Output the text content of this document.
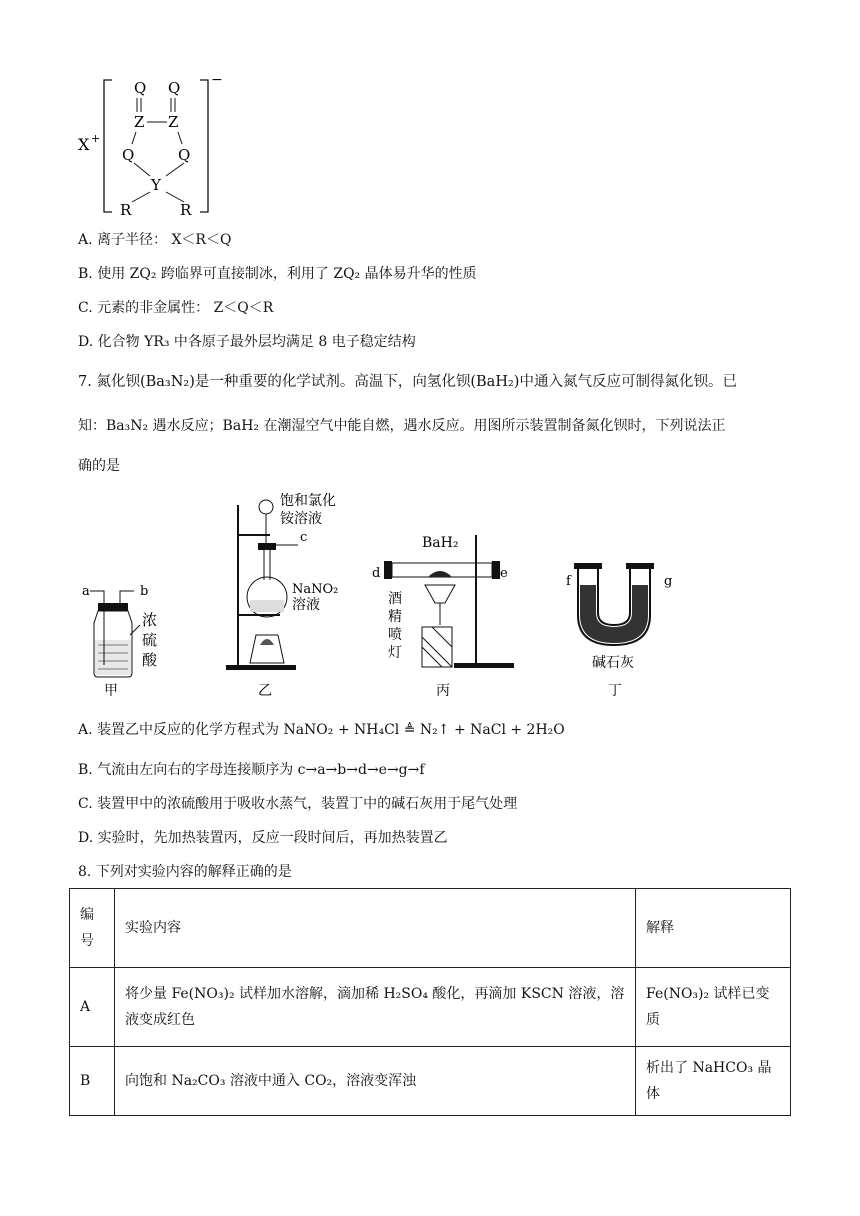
X +
−
Q Q
Z Z
Q	Q
Y
R	R
A. 离子半径： X＜R＜Q
B. 使用 ZQ₂ 跨临界可直接制冰，利用了 ZQ₂ 晶体易升华的性质
C. 元素的非金属性： Z＜Q＜R
D. 化合物 YR₃ 中各原子最外层均满足 8 电子稳定结构
7. 氮化钡(Ba₃N₂)是一种重要的化学试剂。高温下，向氢化钡(BaH₂)中通入氮气反应可制得氮化钡。已
知：Ba₃N₂ 遇水反应；BaH₂ 在潮湿空气中能自燃，遇水反应。用图所示装置制备氮化钡时，下列说法正
确的是
a	b
浓
硫
酸
甲
饱和氯化
铵溶液
c
NaNO₂
溶液
乙
BaH₂
d	e
酒
精
喷
灯
丙
f	g
碱石灰
丁
A. 装置乙中反应的化学方程式为 NaNO₂ + NH₄Cl ≜ N₂↑ + NaCl + 2H₂O
B. 气流由左向右的字母连接顺序为 c→a→b→d→e→g→f
C. 装置甲中的浓硫酸用于吸收水蒸气，装置丁中的碱石灰用于尾气处理
D. 实验时，先加热装置丙，反应一段时间后，再加热装置乙
8. 下列对实验内容的解释正确的是
编号	实验内容	解释
A	将少量 Fe(NO₃)₂ 试样加水溶解，滴加稀 H₂SO₄ 酸化，再滴加 KSCN 溶液，溶液变成红色	Fe(NO₃)₂ 试样已变质
B	向饱和 Na₂CO₃ 溶液中通入 CO₂，溶液变浑浊	析出了 NaHCO₃ 晶体
